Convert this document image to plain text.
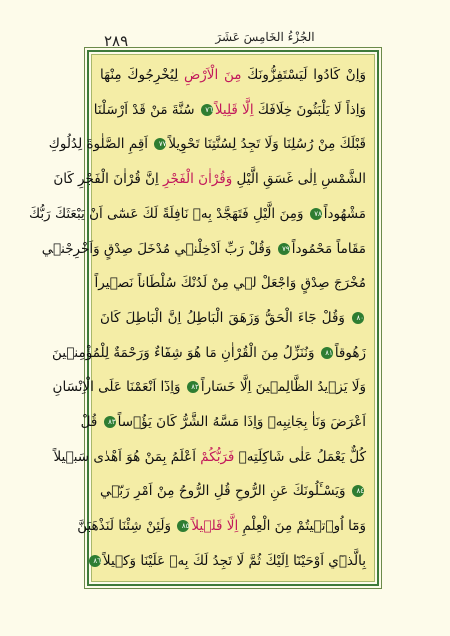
٢٨٩	الجُزْءُ الخَامِسَ عَشَرَ
وَاِنْ كَادُوا لَيَسْتَفِزُّونَكَ مِنَ الْاَرْضِ لِيُخْرِجُوكَ مِنْهَا
وَاِذاً لَا يَلْبَثُونَ خِلَافَكَ اِلَّا قَلِيلاً٧٦ سُنَّةَ مَنْ قَدْ اَرْسَلْنَا
قَبْلَكَ مِنْ رُسُلِنَا وَلَا تَجِدُ لِسُنَّتِنَا تَحْوِيلاً٧٧ اَقِمِ الصَّلٰوةَ لِدُلُوكِ
الشَّمْسِ اِلٰى غَسَقِ الَّيْلِ وَقُرْاٰنَ الْفَجْرِ اِنَّ قُرْاٰنَ الْفَجْرِ كَانَ
مَشْهُوداً٧٨ وَمِنَ الَّيْلِ فَتَهَجَّدْ بِه۪ نَافِلَةً لَكَ عَسٰٓى اَنْ يَبْعَثَكَ رَبُّكَ
مَقَاماً مَحْمُوداً٧٩ وَقُلْ رَبِّ اَدْخِلْن۪ي مُدْخَلَ صِدْقٍ وَاَخْرِجْن۪ي
مُخْرَجَ صِدْقٍ وَاجْعَلْ ل۪ي مِنْ لَدُنْكَ سُلْطَاناً نَص۪يراً
٨٠ وَقُلْ جَٓاءَ الْحَقُّ وَزَهَقَ الْبَاطِلُ اِنَّ الْبَاطِلَ كَانَ
زَهُوقاً٨١ وَنُنَزِّلُ مِنَ الْقُرْاٰنِ مَا هُوَ شِفَٓاءٌ وَرَحْمَةٌ لِلْمُؤْمِن۪ينَ
وَلَا يَز۪يدُ الظَّالِم۪ينَ اِلَّا خَسَاراً٨٢ وَاِذَٓا اَنْعَمْنَا عَلَى الْاِنْسَانِ
اَعْرَضَ وَنَاٰ بِجَانِبِه۪ وَاِذَا مَسَّهُ الشَّرُّ كَانَ يَؤُ۫ساً٨٣ قُلْ
كُلٌّ يَعْمَلُ عَلٰى شَاكِلَتِه۪ فَرَبُّكُمْ اَعْلَمُ بِمَنْ هُوَ اَهْدٰى سَب۪يلاً
٨٤ وَيَسْـَٔلُونَكَ عَنِ الرُّوحِ قُلِ الرُّوحُ مِنْ اَمْرِ رَبّ۪ي
وَمَٓا اُو۫ت۪يتُمْ مِنَ الْعِلْمِ اِلَّا قَل۪يلاً٨٥ وَلَئِنْ شِئْنَا لَنَذْهَبَنَّ
بِالَّذ۪ٓي اَوْحَيْنَٓا اِلَيْكَ ثُمَّ لَا تَجِدُ لَكَ بِه۪ عَلَيْنَا وَك۪يلاً٨٦
